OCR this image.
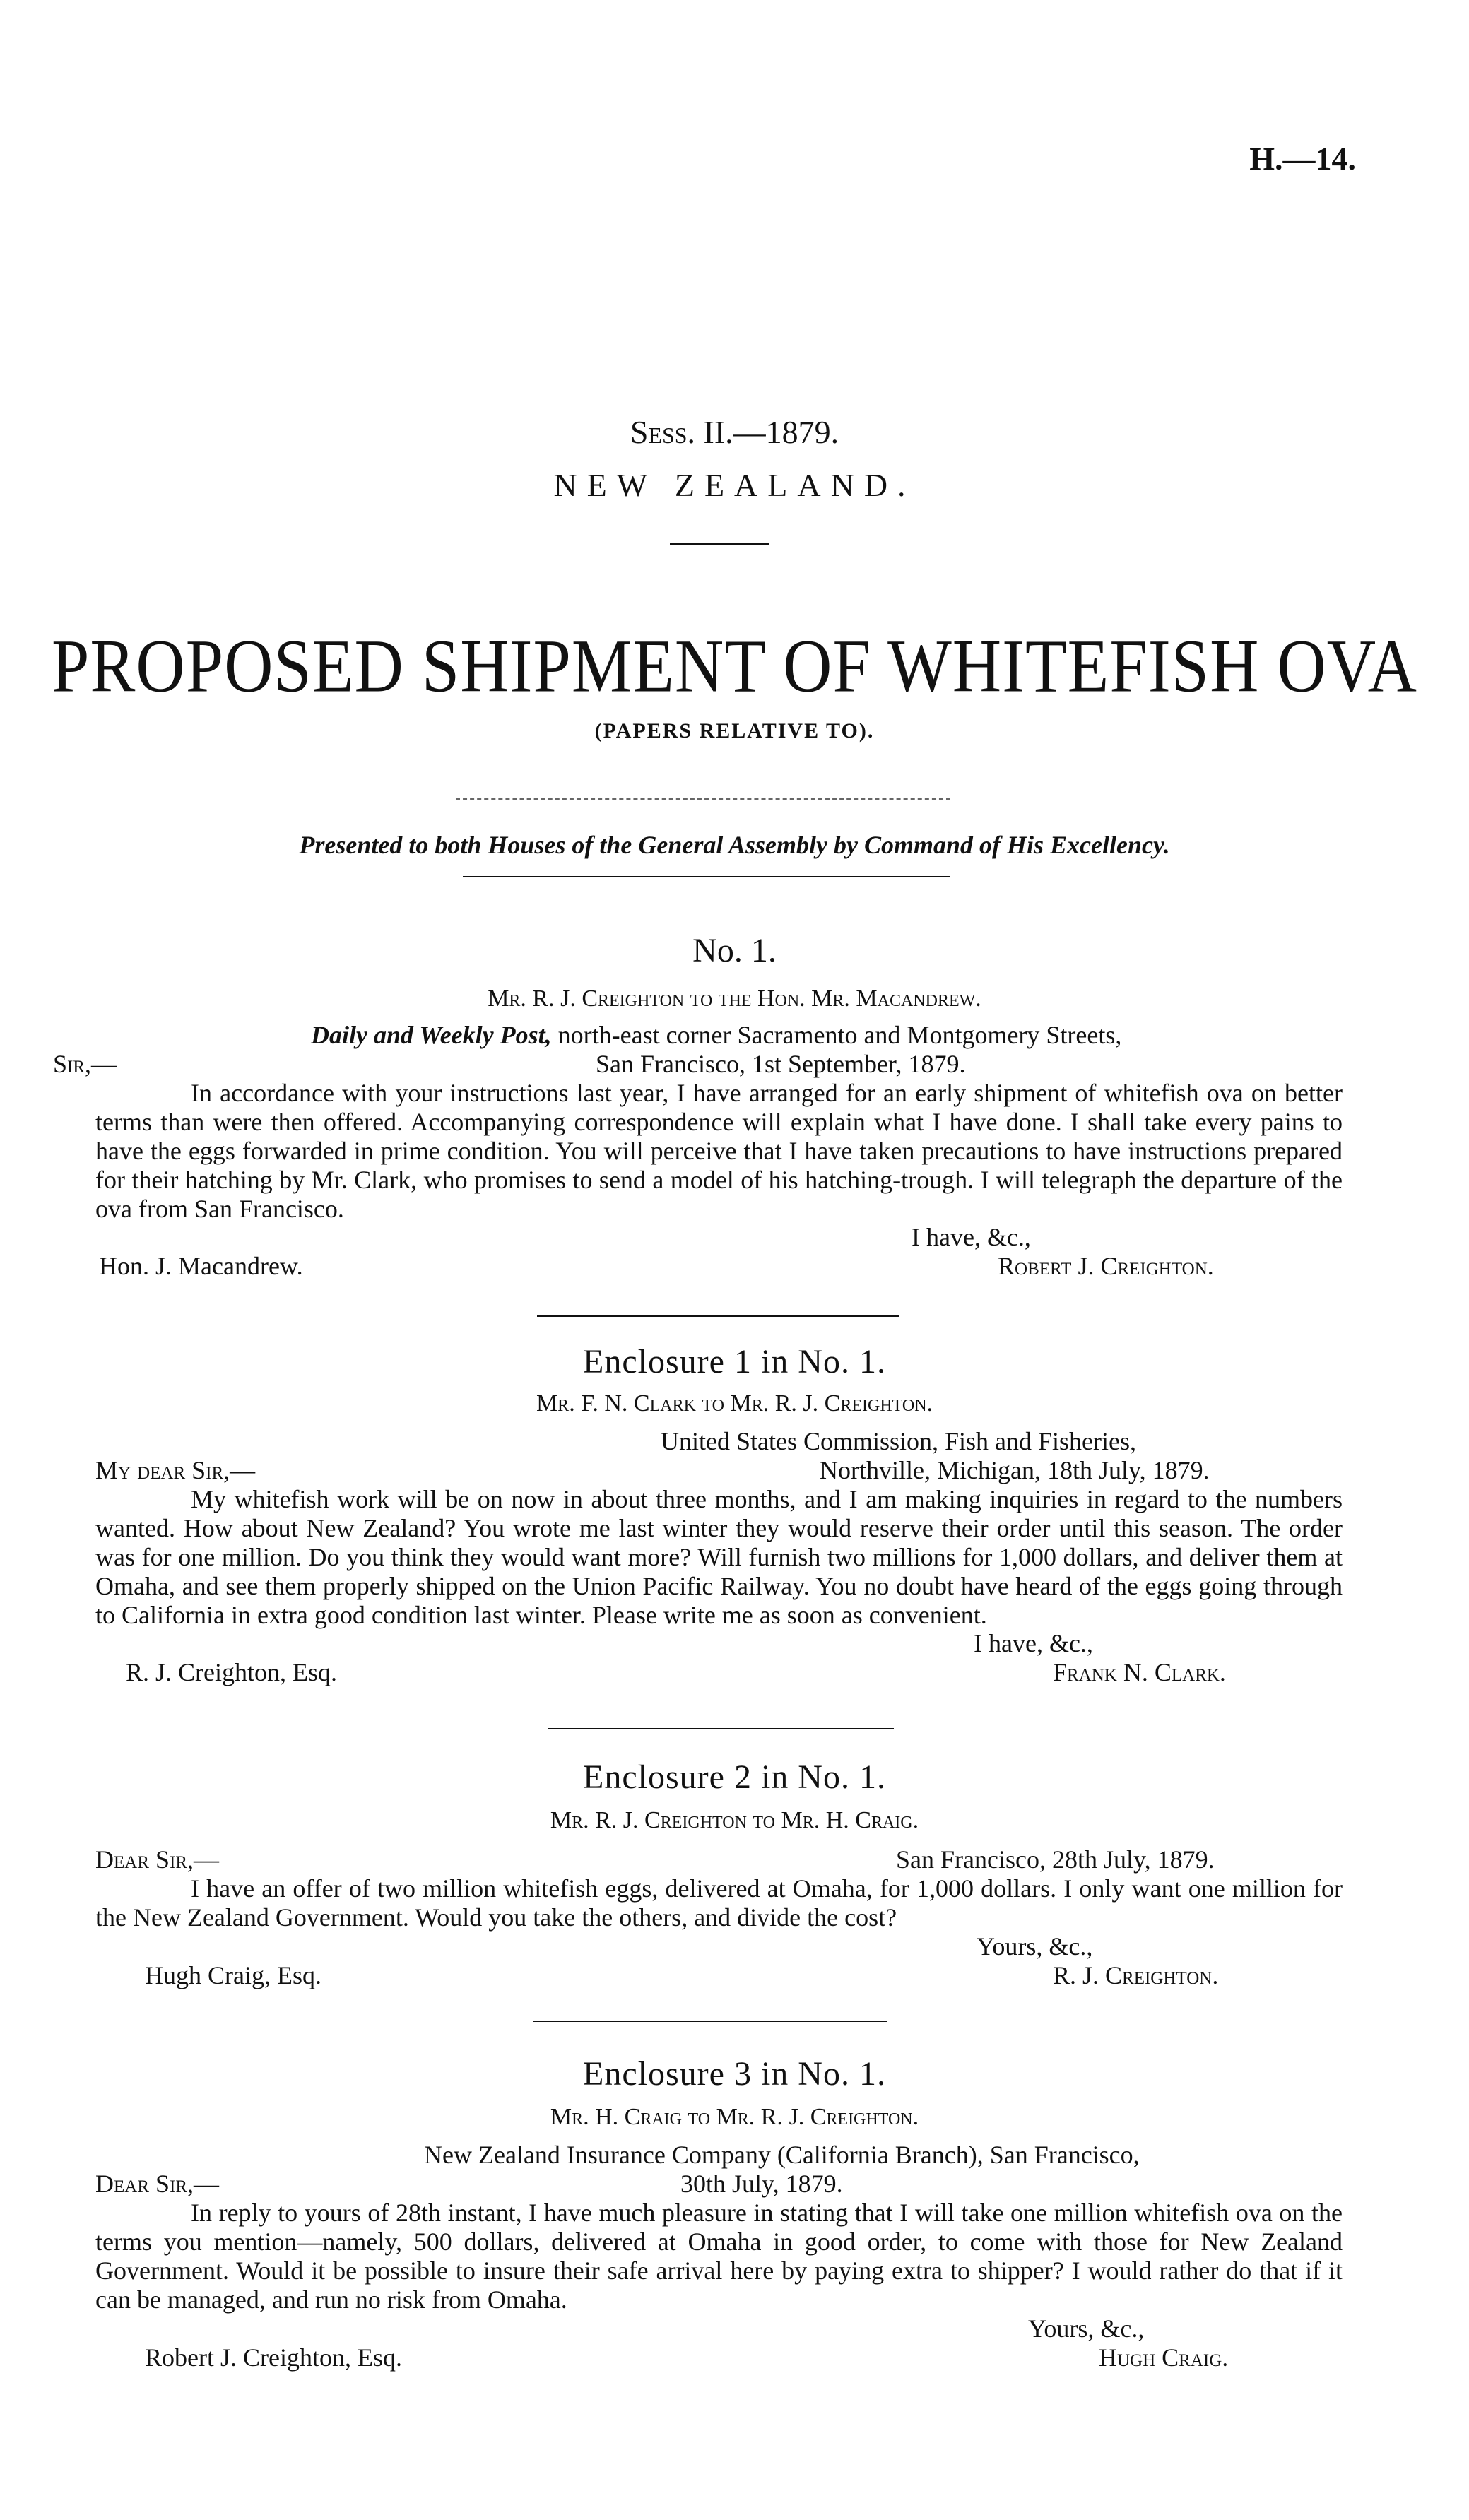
H.—14.
Sess. II.—1879.
NEW ZEALAND.
PROPOSED SHIPMENT OF WHITEFISH OVA
(PAPERS RELATIVE TO).
Presented to both Houses of the General Assembly by Command of His Excellency.
No. 1.
Mr. R. J. Creighton to the Hon. Mr. Macandrew.
Daily and Weekly Post, north-east corner Sacramento and Montgomery Streets,
Sir,—	San Francisco, 1st September, 1879.
In accordance with your instructions last year, I have arranged for an early shipment of whitefish ova on better terms than were then offered. Accompanying correspondence will explain what I have done. I shall take every pains to have the eggs forwarded in prime condition. You will perceive that I have taken precautions to have instructions prepared for their hatching by Mr. Clark, who promises to send a model of his hatching-trough. I will telegraph the departure of the ova from San Francisco.
I have, &c.,
Hon. J. Macandrew.	Robert J. Creighton.
Enclosure 1 in No. 1.
Mr. F. N. Clark to Mr. R. J. Creighton.
United States Commission, Fish and Fisheries,
My dear Sir,—	Northville, Michigan, 18th July, 1879.
My whitefish work will be on now in about three months, and I am making inquiries in regard to the numbers wanted. How about New Zealand? You wrote me last winter they would reserve their order until this season. The order was for one million. Do you think they would want more? Will furnish two millions for 1,000 dollars, and deliver them at Omaha, and see them properly shipped on the Union Pacific Railway. You no doubt have heard of the eggs going through to California in extra good condition last winter. Please write me as soon as convenient.
I have, &c.,
R. J. Creighton, Esq.	Frank N. Clark.
Enclosure 2 in No. 1.
Mr. R. J. Creighton to Mr. H. Craig.
Dear Sir,—	San Francisco, 28th July, 1879.
I have an offer of two million whitefish eggs, delivered at Omaha, for 1,000 dollars. I only want one million for the New Zealand Government. Would you take the others, and divide the cost?
Yours, &c.,
Hugh Craig, Esq.	R. J. Creighton.
Enclosure 3 in No. 1.
Mr. H. Craig to Mr. R. J. Creighton.
New Zealand Insurance Company (California Branch), San Francisco,
Dear Sir,—	30th July, 1879.
In reply to yours of 28th instant, I have much pleasure in stating that I will take one million whitefish ova on the terms you mention—namely, 500 dollars, delivered at Omaha in good order, to come with those for New Zealand Government. Would it be possible to insure their safe arrival here by paying extra to shipper? I would rather do that if it can be managed, and run no risk from Omaha.
Yours, &c.,
Robert J. Creighton, Esq.	Hugh Craig.
